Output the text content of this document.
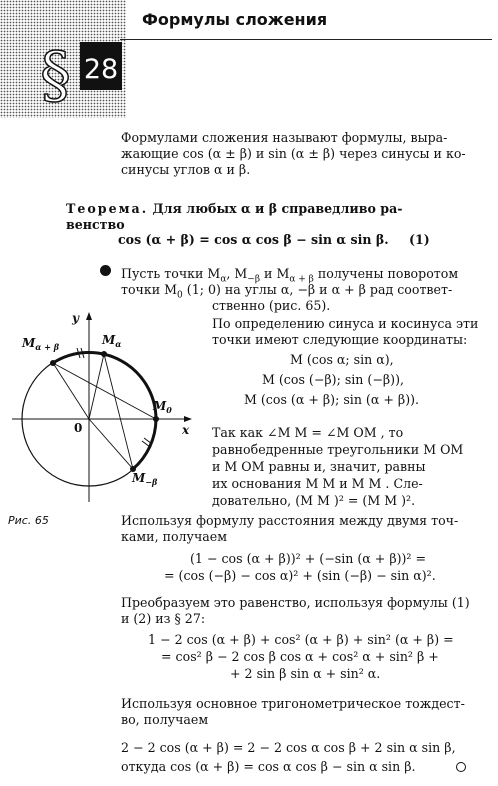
§ 28
Формулы сложения
Формулами сложения называют формулы, выра-
жающие cos (α ± β) и sin (α ± β) через синусы и ко-
синусы углов α и β.
Теорема. Для любых α и β справедливо ра-
венство
cos (α + β) = cos α cos β − sin α sin β. (1)
x
y
0
$M_{\alpha + \beta}$	$M_\alpha$
$M_0$
$M_{-\beta}$
Рис. 65
Пусть точки $M_\alpha$, $M_{-\beta}$ и $M_{\alpha + \beta}$ получены поворотом
точки $M_0$ (1; 0) на углы α, −β и α + β рад соответ-
ственно (рис. 65).
По определению синуса и косинуса эти
точки имеют следующие координаты:
M (cos α; sin α),
M (cos (−β); sin (−β)),
M (cos (α + β); sin (α + β)).
Так как ∠M M = ∠M OM , то
равнобедренные треугольники M OM
и M OM равны и, значит, равны
их основания M M и M M . Сле-
довательно, (M M )² = (M M )².
Используя формулу расстояния между двумя точ-
ками, получаем
(1 − cos (α + β))² + (−sin (α + β))² =
= (cos (−β) − cos α)² + (sin (−β) − sin α)².
Преобразуем это равенство, используя формулы (1)
и (2) из § 27:
1 − 2 cos (α + β) + cos² (α + β) + sin² (α + β) =
= cos² β − 2 cos β cos α + cos² α + sin² β +
+ 2 sin β sin α + sin² α.
Используя основное тригонометрическое тождест-
во, получаем
2 − 2 cos (α + β) = 2 − 2 cos α cos β + 2 sin α sin β,
откуда cos (α + β) = cos α cos β − sin α sin β.
